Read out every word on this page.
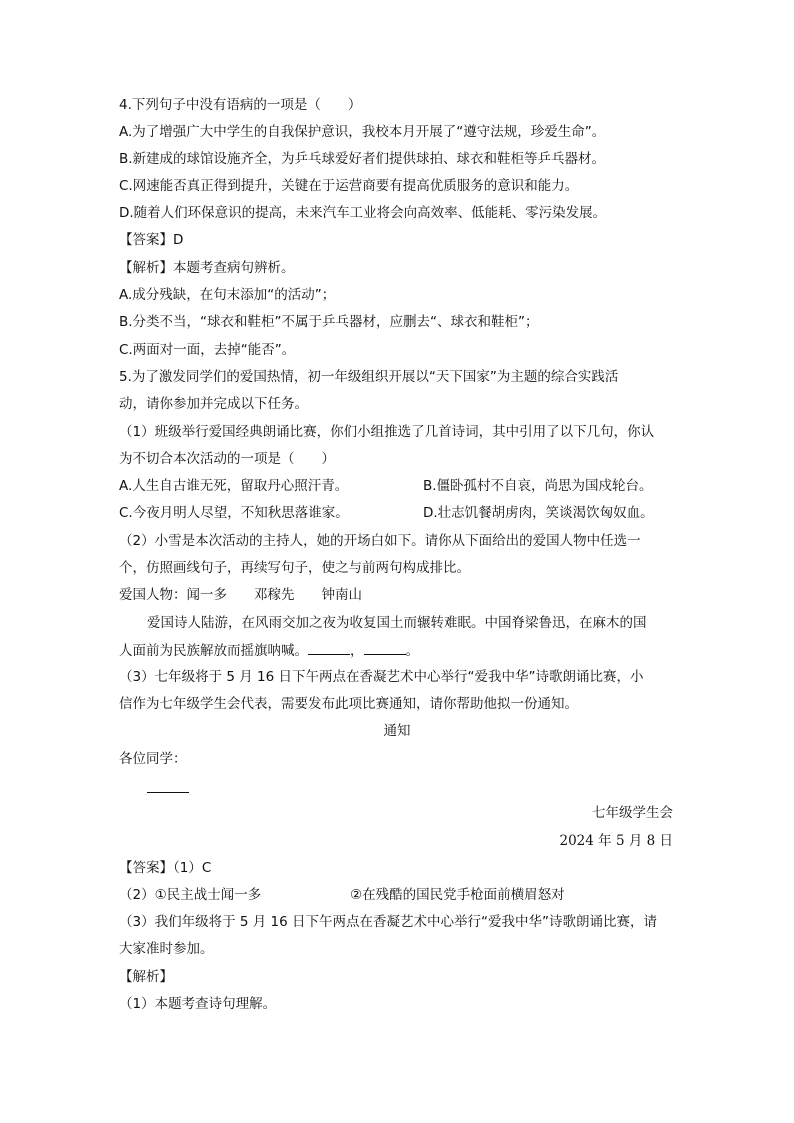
4.下列句子中没有语病的一项是（　　）
A.为了增强广大中学生的自我保护意识，我校本月开展了“遵守法规，珍爱生命”。
B.新建成的球馆设施齐全，为乒乓球爱好者们提供球拍、球衣和鞋柜等乒乓器材。
C.网速能否真正得到提升，关键在于运营商要有提高优质服务的意识和能力。
D.随着人们环保意识的提高，未来汽车工业将会向高效率、低能耗、零污染发展。
【答案】D
【解析】本题考查病句辨析。
A.成分残缺，在句末添加“的活动”；
B.分类不当，“球衣和鞋柜”不属于乒乓器材，应删去“、球衣和鞋柜”；
C.两面对一面，去掉“能否”。
5.为了激发同学们的爱国热情，初一年级组织开展以“天下国家”为主题的综合实践活
动，请你参加并完成以下任务。
（1）班级举行爱国经典朗诵比赛，你们小组推选了几首诗词，其中引用了以下几句，你认
为不切合本次活动的一项是（　　）
A.人生自古谁无死，留取丹心照汗青。	B.僵卧孤村不自哀，尚思为国戍轮台。
C.今夜月明人尽望，不知秋思落谁家。	D.壮志饥餐胡虏肉，笑谈渴饮匈奴血。
（2）小雪是本次活动的主持人，她的开场白如下。请你从下面给出的爱国人物中任选一
个，仿照画线句子，再续写句子，使之与前两句构成排比。
爱国人物：闻一多　　邓稼先　　钟南山
爱国诗人陆游，在风雨交加之夜为收复国土而辗转难眠。中国脊梁鲁迅，在麻木的国
人面前为民族解放而摇旗呐喊。	，	。
（3）七年级将于 5 月 16 日下午两点在香凝艺术中心举行“爱我中华”诗歌朗诵比赛，小
信作为七年级学生会代表，需要发布此项比赛通知，请你帮助他拟一份通知。
通知
各位同学：
七年级学生会
2024 年 5 月 8 日
【答案】（1）C
（2）①民主战士闻一多	②在残酷的国民党手枪面前横眉怒对
（3）我们年级将于 5 月 16 日下午两点在香凝艺术中心举行“爱我中华”诗歌朗诵比赛，请
大家准时参加。
【解析】
（1）本题考查诗句理解。
